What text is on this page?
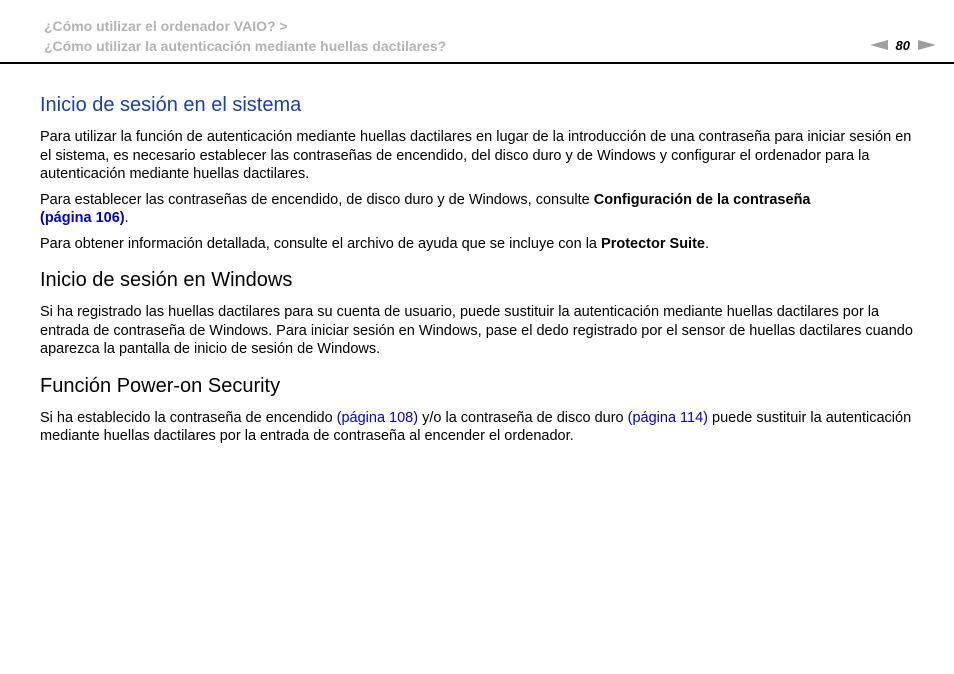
¿Cómo utilizar el ordenador VAIO? >
¿Cómo utilizar la autenticación mediante huellas dactilares?	80
Inicio de sesión en el sistema

Para utilizar la función de autenticación mediante huellas dactilares en lugar de la introducción de una contraseña para iniciar sesión en el sistema, es necesario establecer las contraseñas de encendido, del disco duro y de Windows y configurar el ordenador para la autenticación mediante huellas dactilares.

Para establecer las contraseñas de encendido, de disco duro y de Windows, consulte Configuración de la contraseña
(página 106).

Para obtener información detallada, consulte el archivo de ayuda que se incluye con la Protector Suite.

Inicio de sesión en Windows

Si ha registrado las huellas dactilares para su cuenta de usuario, puede sustituir la autenticación mediante huellas dactilares por la entrada de contraseña de Windows. Para iniciar sesión en Windows, pase el dedo registrado por el sensor de huellas dactilares cuando aparezca la pantalla de inicio de sesión de Windows.

Función Power-on Security

Si ha establecido la contraseña de encendido (página 108) y/o la contraseña de disco duro (página 114) puede sustituir la autenticación mediante huellas dactilares por la entrada de contraseña al encender el ordenador.
